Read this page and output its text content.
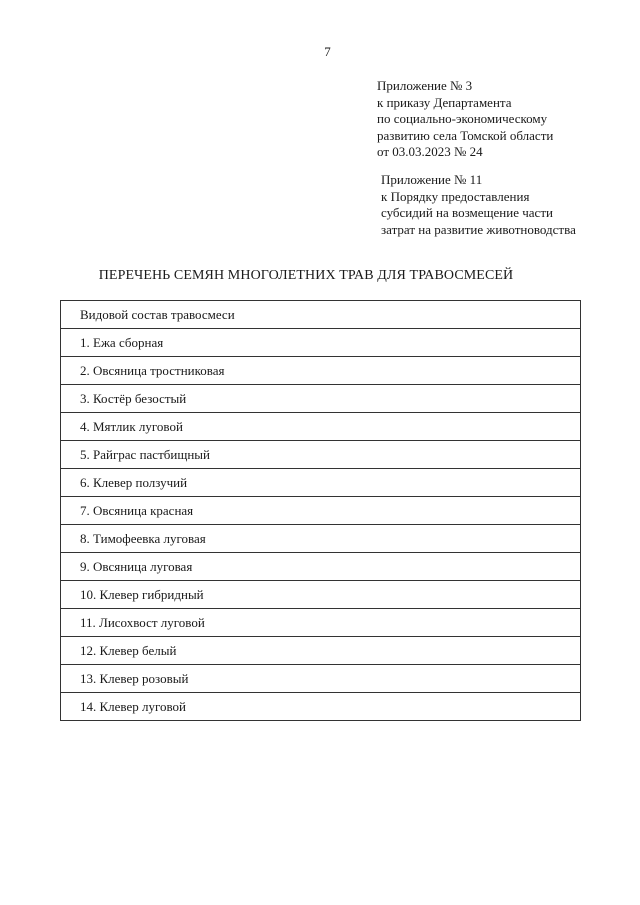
7
Приложение № 3
к приказу Департамента
по социально-экономическому
развитию села Томской области
от 03.03.2023 № 24
Приложение № 11
к Порядку предоставления
субсидий на возмещение части
затрат на развитие животноводства
ПЕРЕЧЕНЬ СЕМЯН МНОГОЛЕТНИХ ТРАВ ДЛЯ ТРАВОСМЕСЕЙ
Видовой состав травосмеси
1. Ежа сборная
2. Овсяница тростниковая
3. Костёр безостый
4. Мятлик луговой
5. Райграс пастбищный
6. Клевер ползучий
7. Овсяница красная
8. Тимофеевка луговая
9. Овсяница луговая
10. Клевер гибридный
11. Лисохвост луговой
12. Клевер белый
13. Клевер розовый
14. Клевер луговой
